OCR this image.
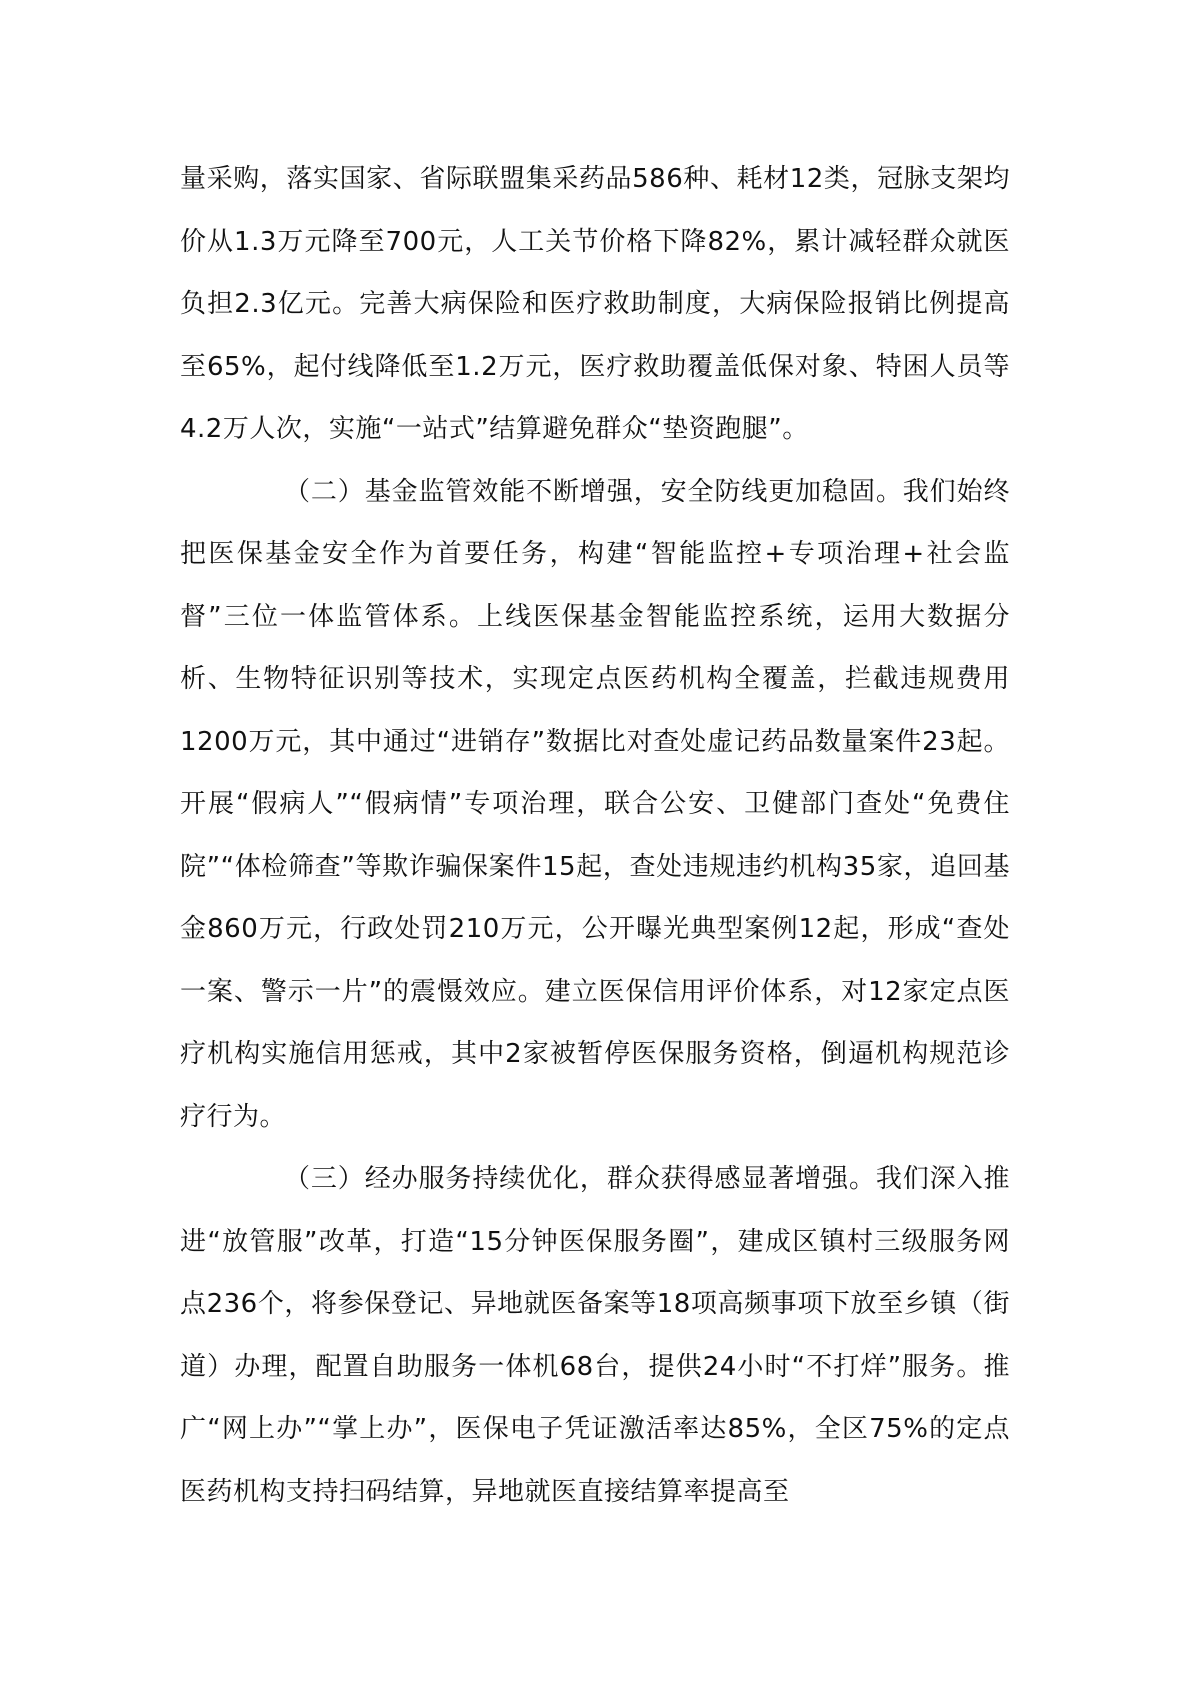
量采购，落实国家、省际联盟集采药品586种、耗材12类，冠脉支架均价从1.3万元降至700元，人工关节价格下降82%，累计减轻群众就医负担2.3亿元。完善大病保险和医疗救助制度，大病保险报销比例提高至65%，起付线降低至1.2万元，医疗救助覆盖低保对象、特困人员等4.2万人次，实施“一站式”结算避免群众“垫资跑腿”。

（二）基金监管效能不断增强，安全防线更加稳固。我们始终把医保基金安全作为首要任务，构建“智能监控+专项治理+社会监督”三位一体监管体系。上线医保基金智能监控系统，运用大数据分析、生物特征识别等技术，实现定点医药机构全覆盖，拦截违规费用1200万元，其中通过“进销存”数据比对查处虚记药品数量案件23起。开展“假病人”“假病情”专项治理，联合公安、卫健部门查处“免费住院”“体检筛查”等欺诈骗保案件15起，查处违规违约机构35家，追回基金860万元，行政处罚210万元，公开曝光典型案例12起，形成“查处一案、警示一片”的震慑效应。建立医保信用评价体系，对12家定点医疗机构实施信用惩戒，其中2家被暂停医保服务资格，倒逼机构规范诊疗行为。

（三）经办服务持续优化，群众获得感显著增强。我们深入推进“放管服”改革，打造“15分钟医保服务圈”，建成区镇村三级服务网点236个，将参保登记、异地就医备案等18项高频事项下放至乡镇（街道）办理，配置自助服务一体机68台，提供24小时“不打烊”服务。推广“网上办”“掌上办”，医保电子凭证激活率达85%，全区75%的定点医药机构支持扫码结算，异地就医直接结算率提高至
